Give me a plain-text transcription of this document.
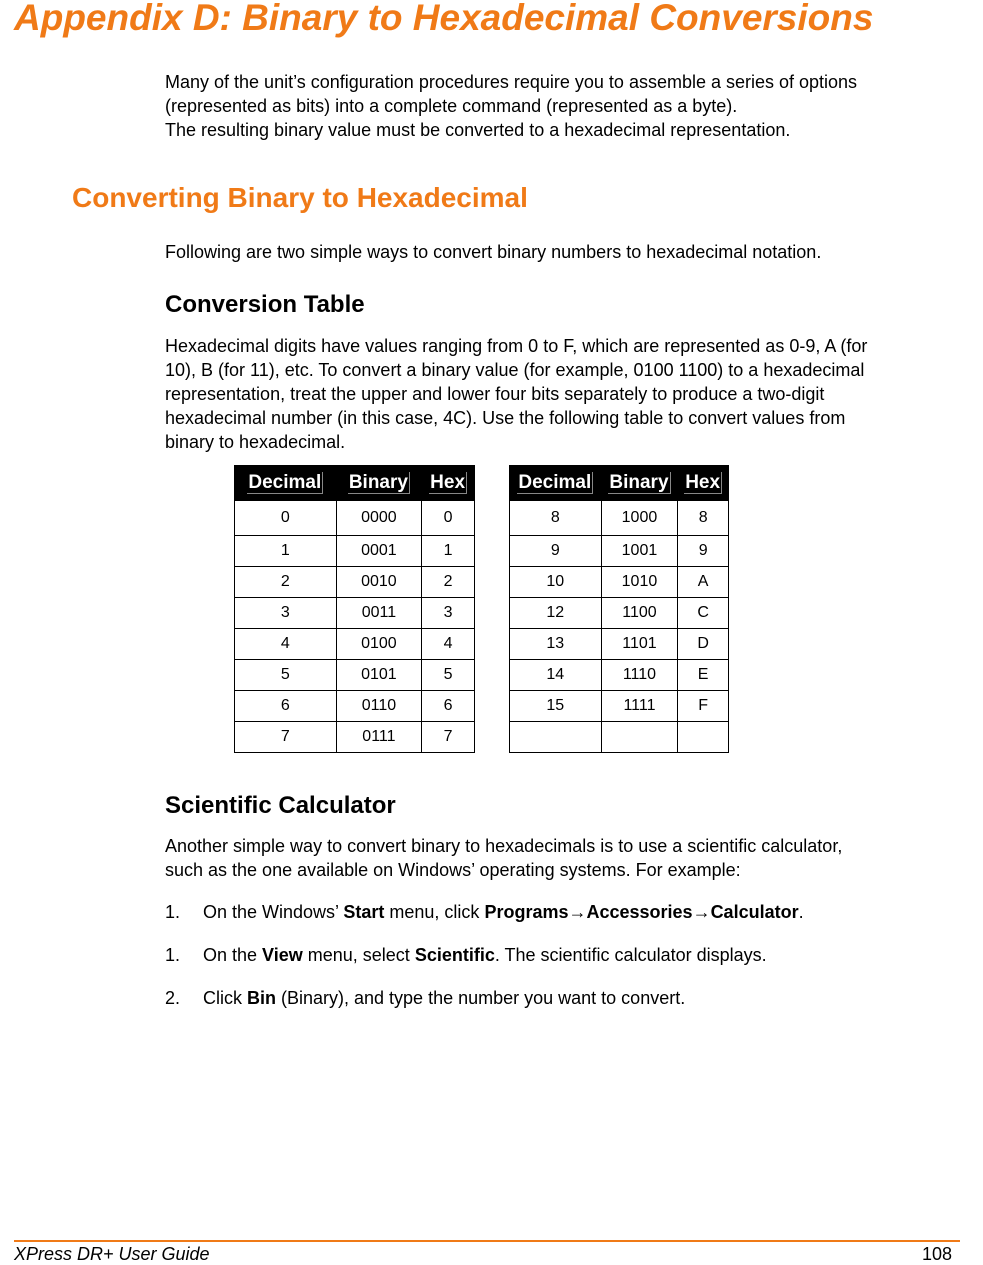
Appendix D: Binary to Hexadecimal Conversions
Many of the unit’s configuration procedures require you to assemble a series of options
(represented as bits) into a complete command (represented as a byte).
The resulting binary value must be converted to a hexadecimal representation.
Converting Binary to Hexadecimal
Following are two simple ways to convert binary numbers to hexadecimal notation.
Conversion Table
Hexadecimal digits have values ranging from 0 to F, which are represented as 0-9, A (for
10), B (for 11), etc. To convert a binary value (for example, 0100 1100) to a hexadecimal
representation, treat the upper and lower four bits separately to produce a two-digit
hexadecimal number (in this case, 4C). Use the following table to convert values from
binary to hexadecimal.
Decimal	Binary	Hex
0	0000	0
1	0001	1
2	0010	2
3	0011	3
4	0100	4
5	0101	5
6	0110	6
7	0111	7
Decimal	Binary	Hex
8	1000	8
9	1001	9
10	1010	A
12	1100	C
13	1101	D
14	1110	E
15	1111	F

Scientific Calculator
Another simple way to convert binary to hexadecimals is to use a scientific calculator,
such as the one available on Windows’ operating systems. For example:
1. On the Windows’ Start menu, click Programs→Accessories→Calculator.
1. On the View menu, select Scientific. The scientific calculator displays.
2. Click Bin (Binary), and type the number you want to convert.
XPress DR+ User Guide	108
